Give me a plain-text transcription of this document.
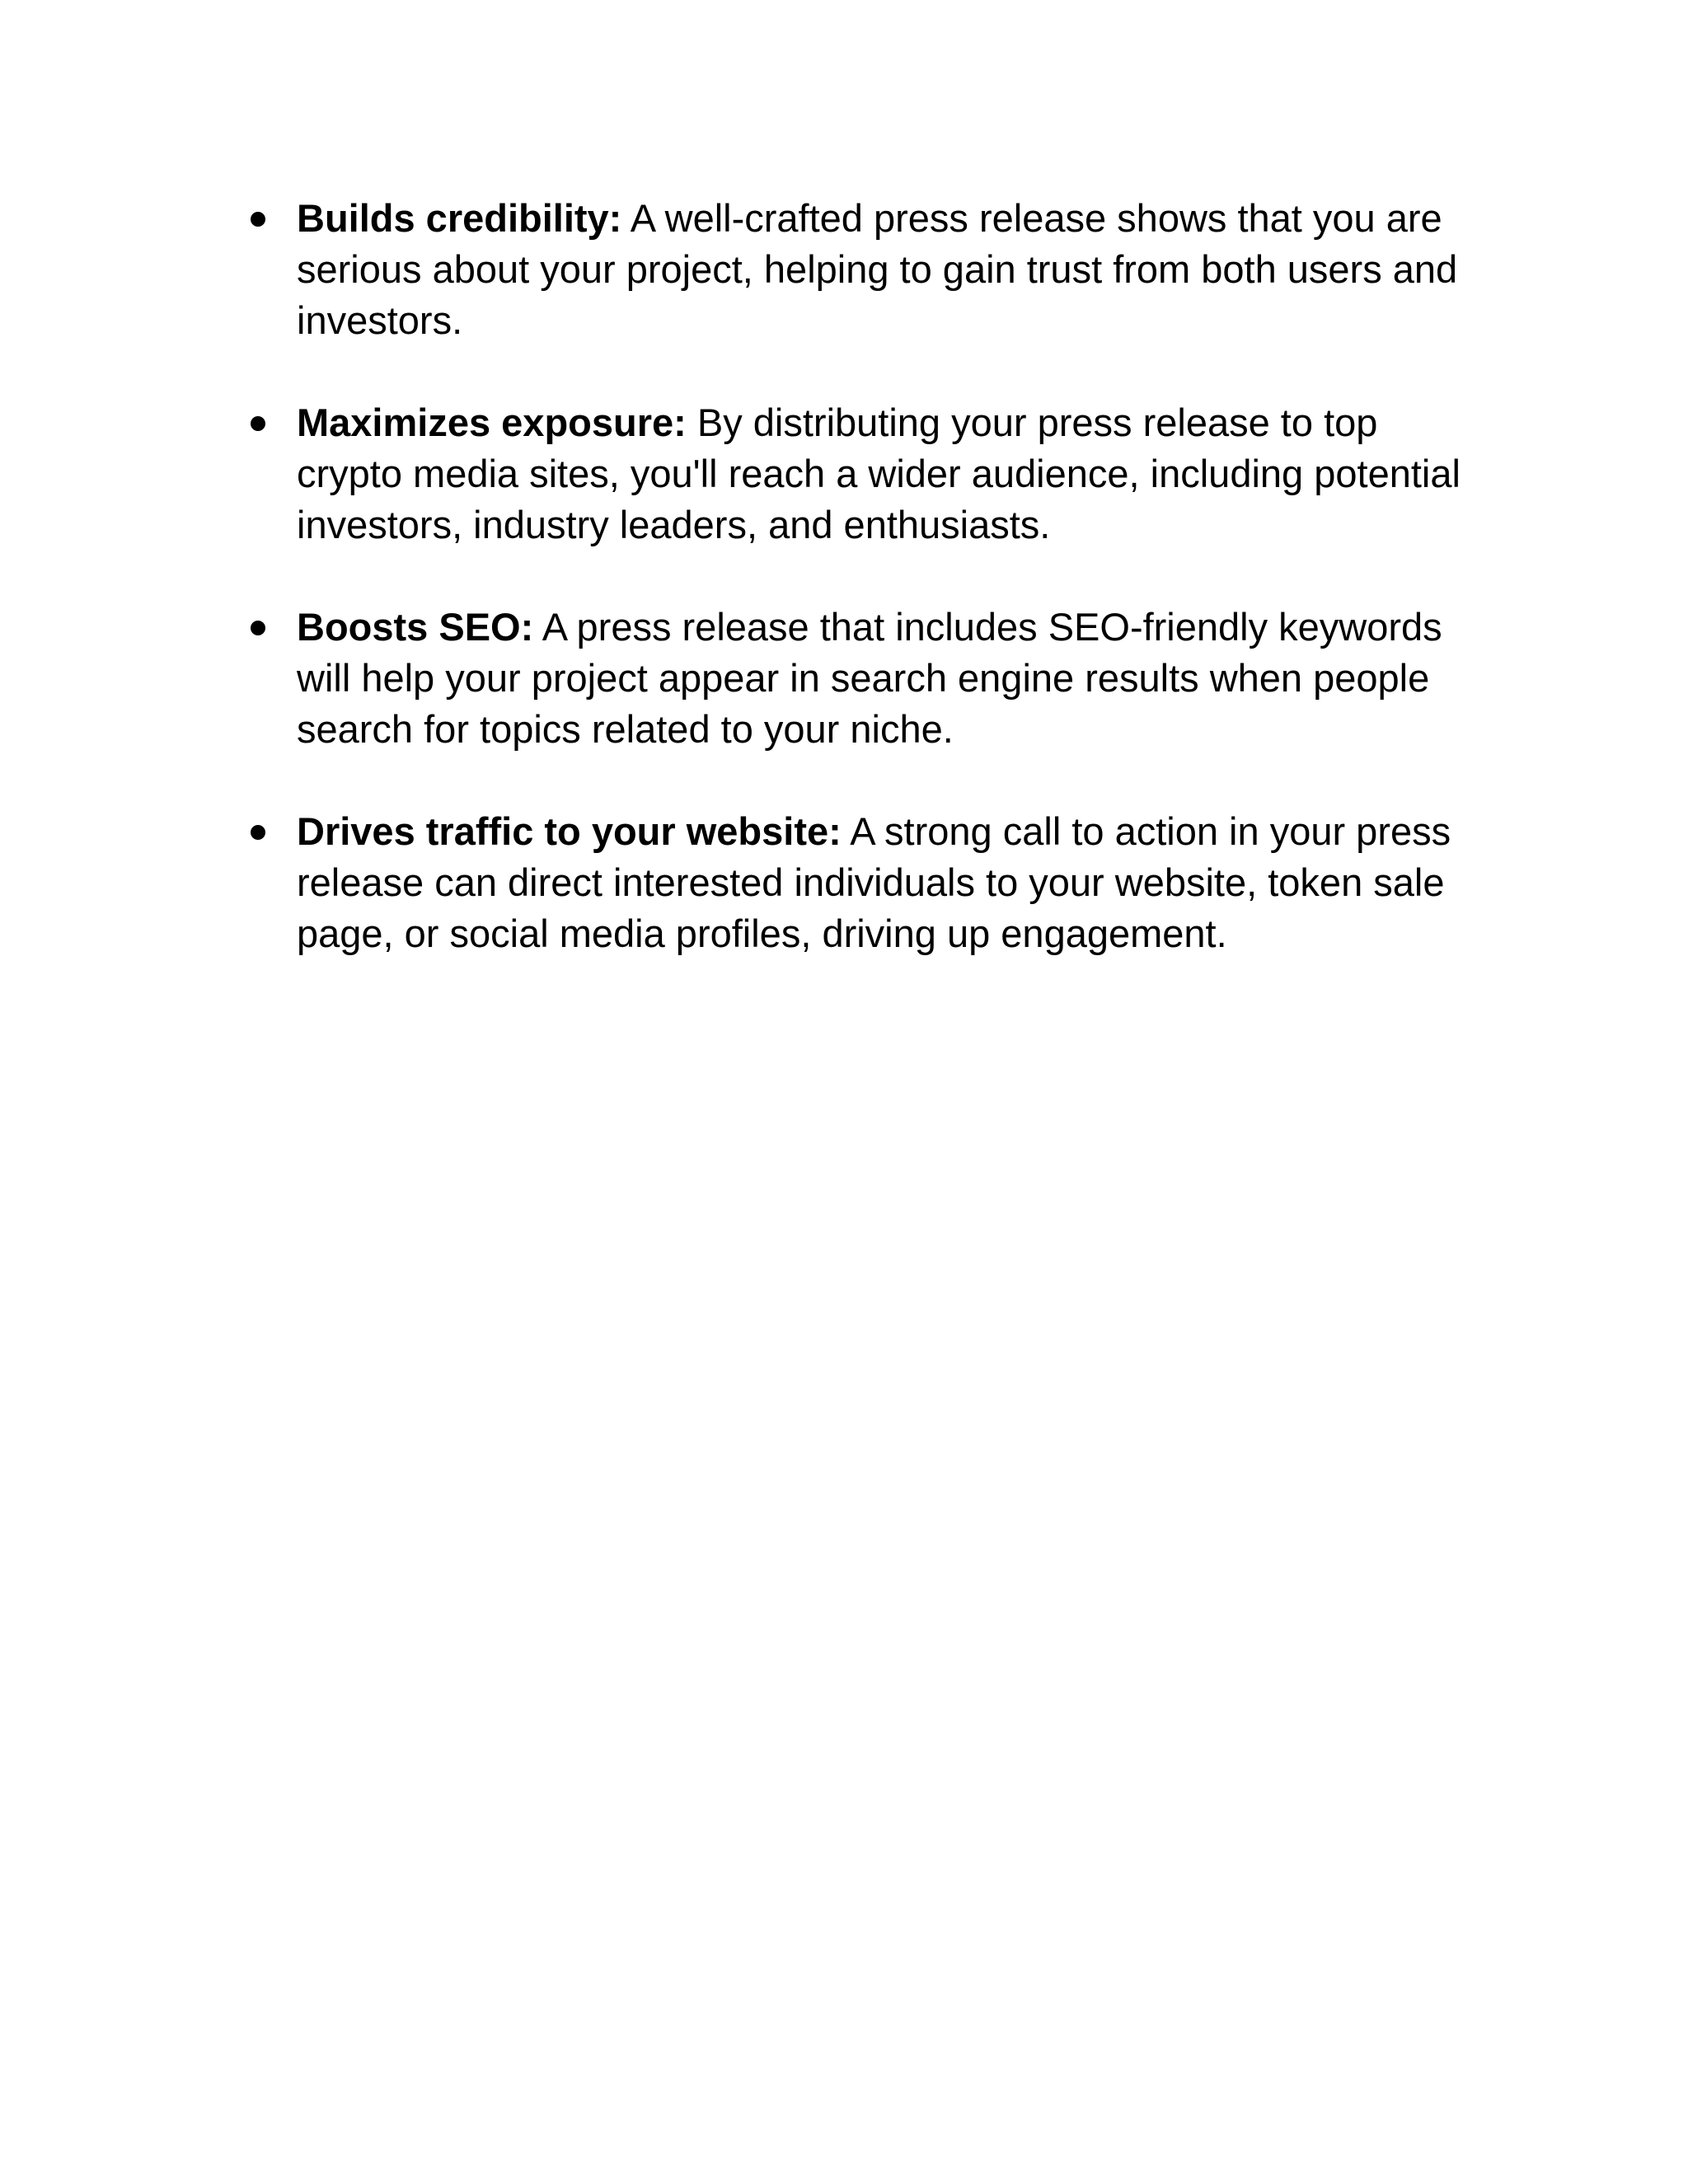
Builds credibility: A well-crafted press release shows that you are serious about your project, helping to gain trust from both users and investors.
Maximizes exposure: By distributing your press release to top crypto media sites, you'll reach a wider audience, including potential investors, industry leaders, and enthusiasts.
Boosts SEO: A press release that includes SEO-friendly keywords will help your project appear in search engine results when people search for topics related to your niche.
Drives traffic to your website: A strong call to action in your press release can direct interested individuals to your website, token sale page, or social media profiles, driving up engagement.
